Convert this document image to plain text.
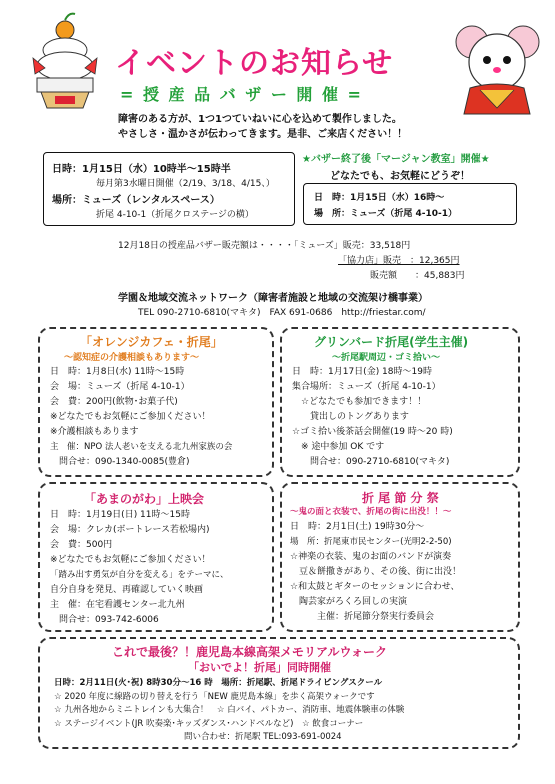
イベントのお知らせ
= 授 産 品 バ ザ ー 開 催 =
障害のある方が、1つ1つていねいに心を込めて製作しました。
やさしさ・温かさが伝わってきます。是非、ご来店ください！！
日時：1月15日（水）10時半～15時半
毎月第3水曜日開催（2/19、3/18、4/15、）
場所：ミューズ（レンタルスペース）
折尾 4-10-1（折尾クロステージの横）
★バザー終了後「マージャン教室」開催★
どなたでも、お気軽にどうぞ！
日　時：1月15日（水）16時～
場　所：ミューズ（折尾 4-10-1）
12月18日の授産品バザー販売額は・・・・「ミューズ」販売：33,518円
「協力店」販売　：12,365円
販売額　　：45,883円
学園＆地域交流ネットワーク（障害者施設と地域の交流架け橋事業）
TEL 090-2710-6810(マキタ)　FAX 691-0686　http://friestar.com/
「オレンジカフェ・折尾」
～認知症の介護相談もあります～
日　時：1月8日(水) 11時～15時
会　場：ミューズ（折尾 4-10-1）
会　費：200円(飲物･お菓子代)
※どなたでもお気軽にご参加ください！
※介護相談もあります
主　催：NPO 法人老いを支える北九州家族の会
　問合せ：090-1340-0085(豊倉)
グリンバード折尾(学生主催)
～折尾駅周辺・ゴミ拾い～
日　時：1月17日(金) 18時～19時
集合場所：ミューズ（折尾 4-10-1）
　☆どなたでも参加できます！！
　　貸出しのトングあります
☆ゴミ拾い後茶話会開催(19 時～20 時)
　※ 途中参加 OK です
　　問合せ：090-2710-6810(マキタ)
「あまのがわ」上映会
日　時：1月19日(日) 11時～15時
会　場：クレカ(ボートレース若松場内)
会　費：500円
※どなたでもお気軽にご参加ください！
「踏み出す勇気が自分を変える」をテーマに、
自分自身を発見、再確認していく映画
主　催：在宅看護センター北九州
　問合せ：093-742-6006
折 尾 節 分 祭
～鬼の面と衣装で、折尾の街に出没！！～
日　時：2月1日(土) 19時30分～
場　所：折尾東市民センター(光明2-2-50)
☆神楽の衣装、鬼のお面のバンドが演奏
　豆＆餅撒きがあり、その後、街に出没！
☆和太鼓とギターのセッションに合わせ、
　陶芸家がろくろ回しの実演
　　　主催：折尾節分祭実行委員会
これで最後？！鹿児島本線高架メモリアルウォーク
「おいでよ！折尾」同時開催
日時：2月11日(火･祝) 8時30分～16 時　場所：折尾駅、折尾ドライビングスクール
☆ 2020 年度に線路の切り替えを行う「NEW 鹿児島本線」を歩く高架ウォークです
☆ 九州各地からミニトレインも大集合！　☆ 白バイ、パトカー、消防車、地震体験車の体験
☆ ステージイベント(JR 吹奏楽･キッズダンス･ハンドベルなど)　☆ 飲食コーナー
問い合わせ：折尾駅 TEL:093-691-0024
